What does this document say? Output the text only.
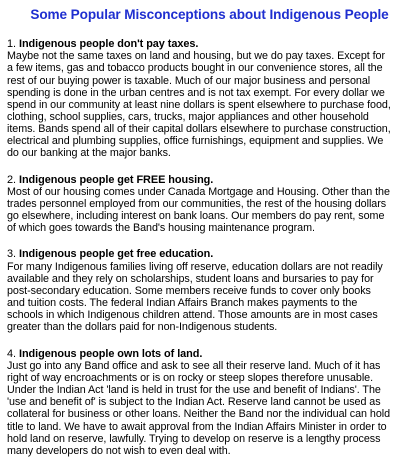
Some Popular Misconceptions about Indigenous People

1. Indigenous people don't pay taxes.

Maybe not the same taxes on land and housing, but we do pay taxes. Except for
a few items, gas and tobacco products bought in our convenience stores, all the
rest of our buying power is taxable. Much of our major business and personal
spending is done in the urban centres and is not tax exempt. For every dollar we
spend in our community at least nine dollars is spent elsewhere to purchase food,
clothing, school supplies, cars, trucks, major appliances and other household
items. Bands spend all of their capital dollars elsewhere to purchase construction,
electrical and plumbing supplies, office furnishings, equipment and supplies. We
do our banking at the major banks.

2. Indigenous people get FREE housing.

Most of our housing comes under Canada Mortgage and Housing. Other than the
trades personnel employed from our communities, the rest of the housing dollars
go elsewhere, including interest on bank loans. Our members do pay rent, some
of which goes towards the Band's housing maintenance program.

3. Indigenous people get free education.

For many Indigenous families living off reserve, education dollars are not readily
available and they rely on scholarships, student loans and bursaries to pay for
post-secondary education. Some members receive funds to cover only books
and tuition costs. The federal Indian Affairs Branch makes payments to the
schools in which Indigenous children attend. Those amounts are in most cases
greater than the dollars paid for non-Indigenous students.

4. Indigenous people own lots of land.

Just go into any Band office and ask to see all their reserve land. Much of it has
right of way encroachments or is on rocky or steep slopes therefore unusable.
Under the Indian Act 'land is held in trust for the use and benefit of Indians'. The
'use and benefit of' is subject to the Indian Act. Reserve land cannot be used as
collateral for business or other loans. Neither the Band nor the individual can hold
title to land. We have to await approval from the Indian Affairs Minister in order to
hold land on reserve, lawfully. Trying to develop on reserve is a lengthy process
many developers do not wish to even deal with.
